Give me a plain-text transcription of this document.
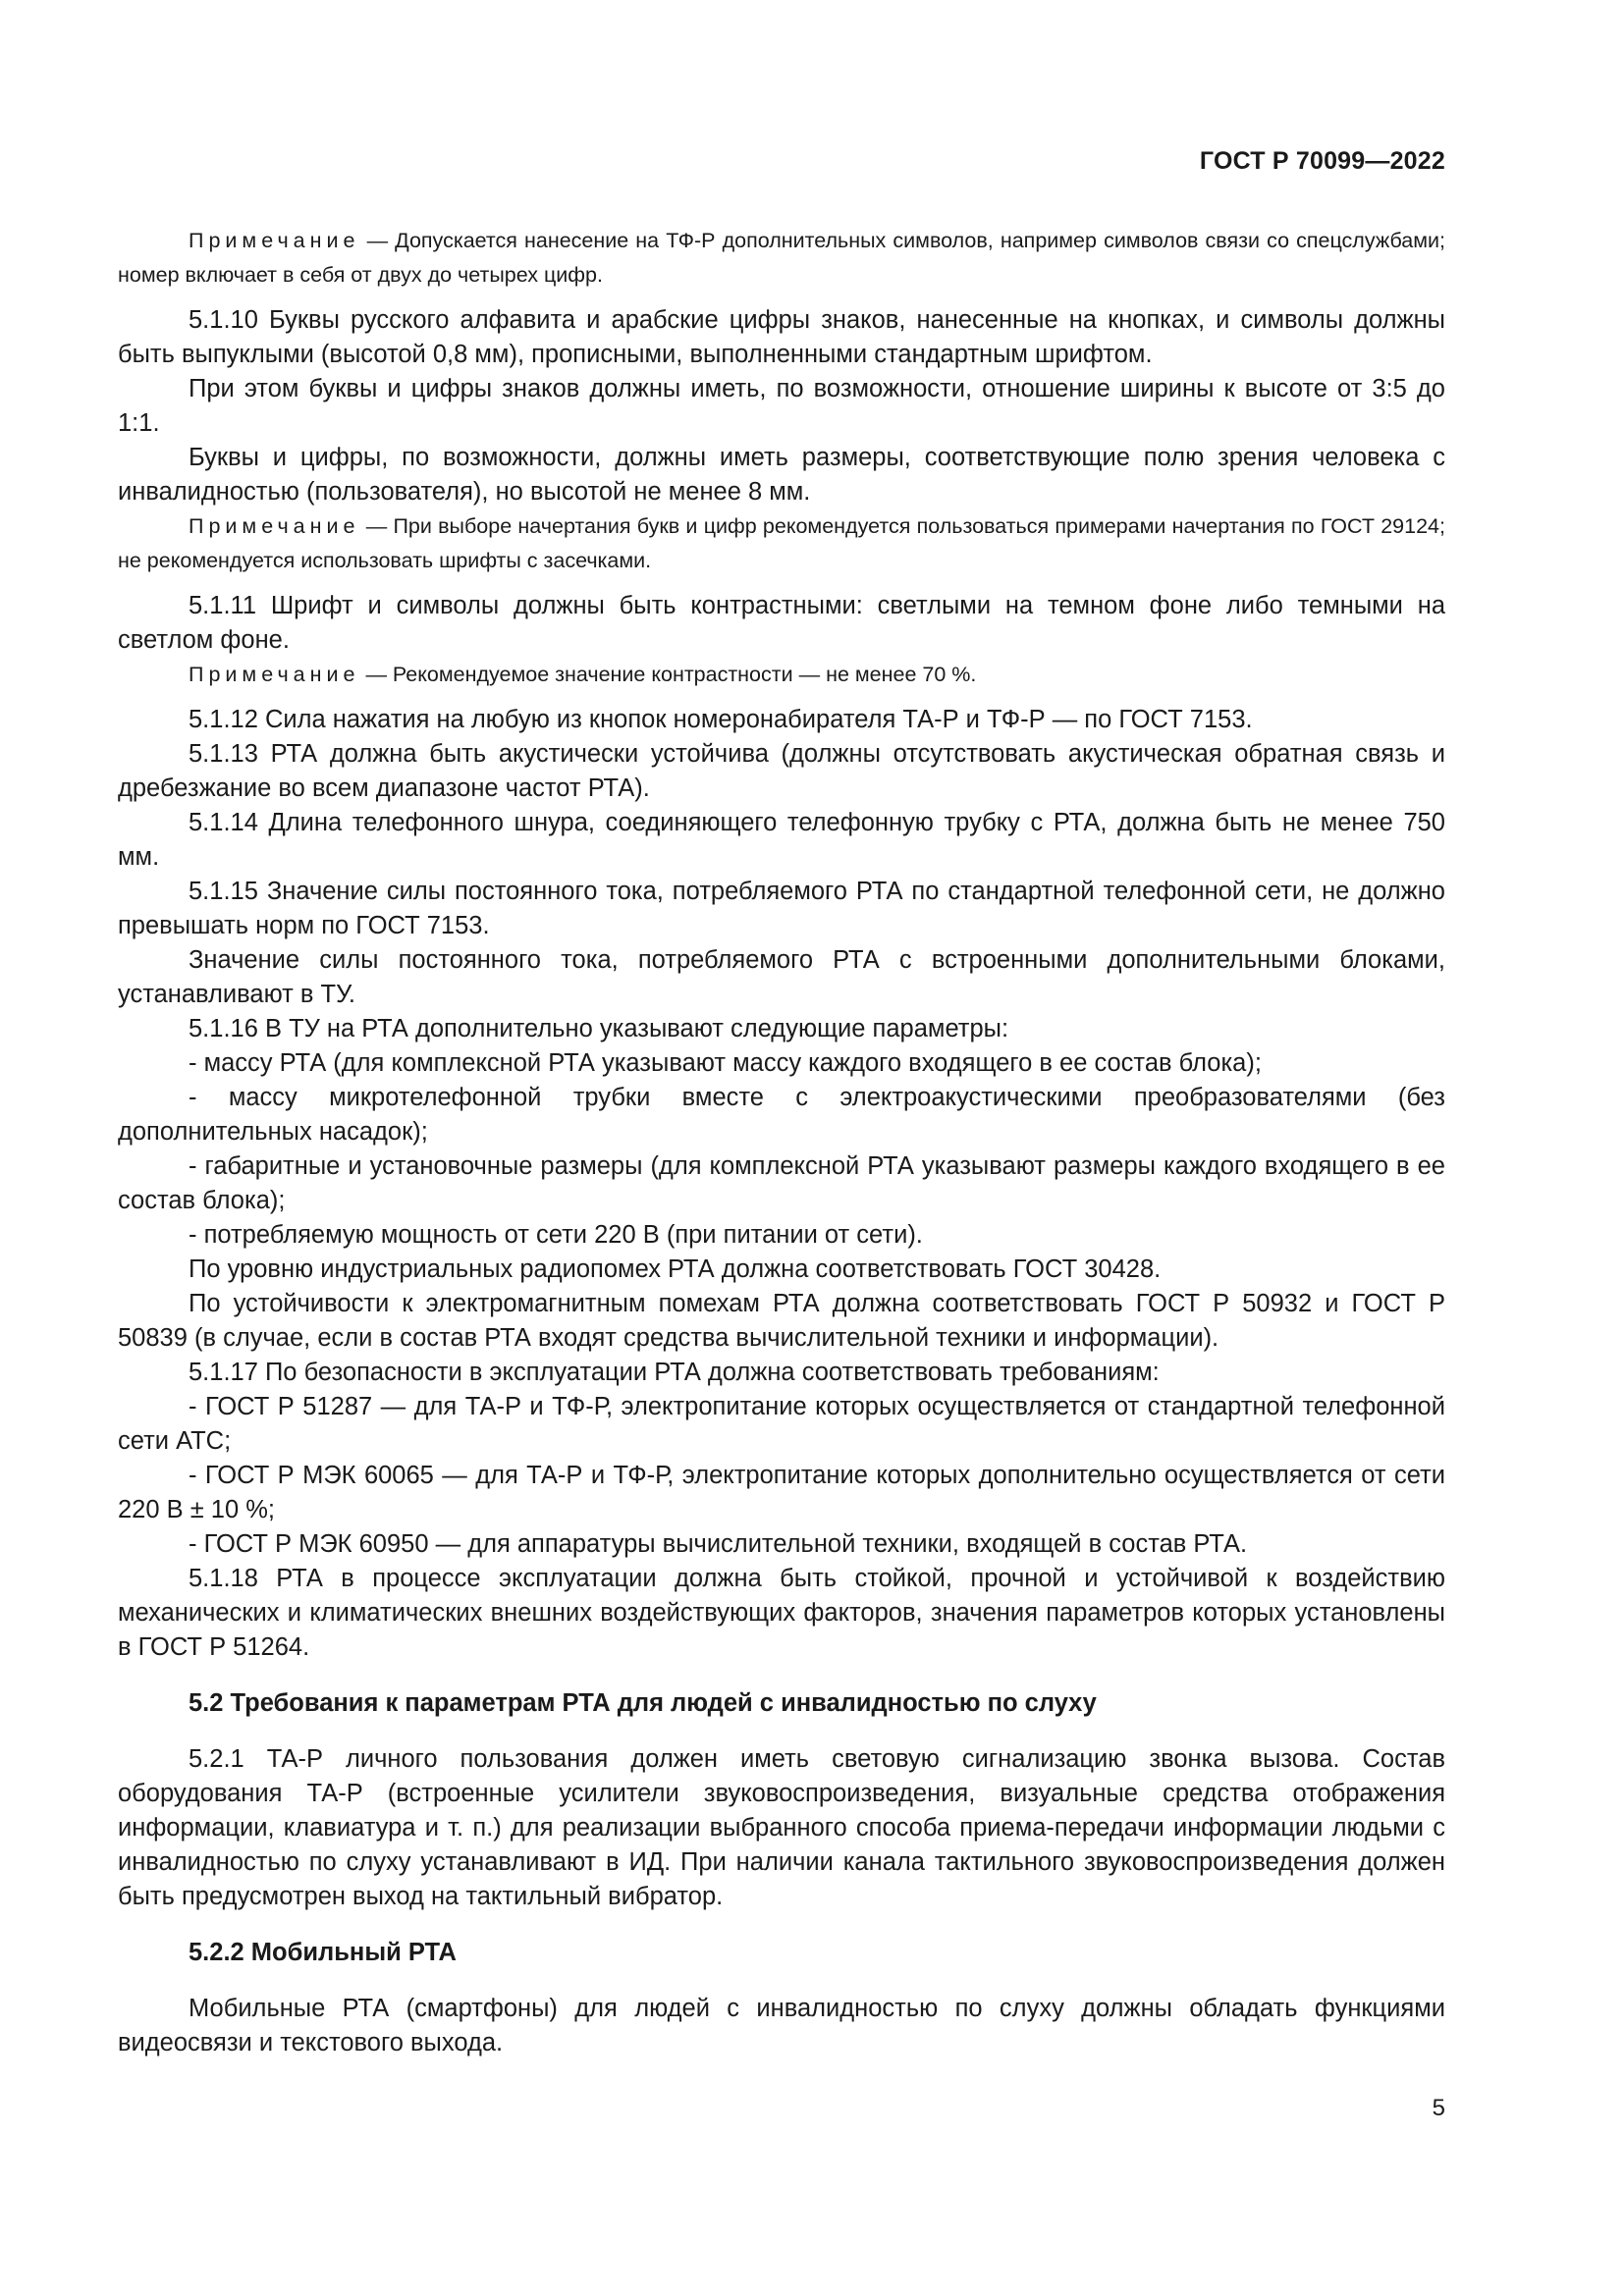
ГОСТ Р 70099—2022

Примечание — Допускается нанесение на ТФ-Р дополнительных символов, например символов связи со спецслужбами; номер включает в себя от двух до четырех цифр.

5.1.10 Буквы русского алфавита и арабские цифры знаков, нанесенные на кнопках, и символы должны быть выпуклыми (высотой 0,8 мм), прописными, выполненными стандартным шрифтом.

При этом буквы и цифры знаков должны иметь, по возможности, отношение ширины к высоте от 3:5 до 1:1.

Буквы и цифры, по возможности, должны иметь размеры, соответствующие полю зрения человека с инвалидностью (пользователя), но высотой не менее 8 мм.

Примечание — При выборе начертания букв и цифр рекомендуется пользоваться примерами начертания по ГОСТ 29124; не рекомендуется использовать шрифты с засечками.

5.1.11 Шрифт и символы должны быть контрастными: светлыми на темном фоне либо темными на светлом фоне.

Примечание — Рекомендуемое значение контрастности — не менее 70 %.

5.1.12 Сила нажатия на любую из кнопок номеронабирателя ТА-Р и ТФ-Р — по ГОСТ 7153.

5.1.13 РТА должна быть акустически устойчива (должны отсутствовать акустическая обратная связь и дребезжание во всем диапазоне частот РТА).

5.1.14 Длина телефонного шнура, соединяющего телефонную трубку с РТА, должна быть не менее 750 мм.

5.1.15 Значение силы постоянного тока, потребляемого РТА по стандартной телефонной сети, не должно превышать норм по ГОСТ 7153.

Значение силы постоянного тока, потребляемого РТА с встроенными дополнительными блоками, устанавливают в ТУ.

5.1.16 В ТУ на РТА дополнительно указывают следующие параметры:

- массу РТА (для комплексной РТА указывают массу каждого входящего в ее состав блока);

- массу микротелефонной трубки вместе с электроакустическими преобразователями (без дополнительных насадок);

- габаритные и установочные размеры (для комплексной РТА указывают размеры каждого входящего в ее состав блока);

- потребляемую мощность от сети 220 В (при питании от сети).

По уровню индустриальных радиопомех РТА должна соответствовать ГОСТ 30428.

По устойчивости к электромагнитным помехам РТА должна соответствовать ГОСТ Р 50932 и ГОСТ Р 50839 (в случае, если в состав РТА входят средства вычислительной техники и информации).

5.1.17 По безопасности в эксплуатации РТА должна соответствовать требованиям:

- ГОСТ Р 51287 — для ТА-Р и ТФ-Р, электропитание которых осуществляется от стандартной телефонной сети АТС;

- ГОСТ Р МЭК 60065 — для ТА-Р и ТФ-Р, электропитание которых дополнительно осуществляется от сети 220 В ± 10 %;

- ГОСТ Р МЭК 60950 — для аппаратуры вычислительной техники, входящей в состав РТА.

5.1.18 РТА в процессе эксплуатации должна быть стойкой, прочной и устойчивой к воздействию механических и климатических внешних воздействующих факторов, значения параметров которых установлены в ГОСТ Р 51264.

5.2 Требования к параметрам РТА для людей с инвалидностью по слуху

5.2.1 ТА-Р личного пользования должен иметь световую сигнализацию звонка вызова. Состав оборудования ТА-Р (встроенные усилители звуковоспроизведения, визуальные средства отображения информации, клавиатура и т. п.) для реализации выбранного способа приема-передачи информации людьми с инвалидностью по слуху устанавливают в ИД. При наличии канала тактильного звуковоспроизведения должен быть предусмотрен выход на тактильный вибратор.

5.2.2 Мобильный РТА

Мобильные РТА (смартфоны) для людей с инвалидностью по слуху должны обладать функциями видеосвязи и текстового выхода.

5
